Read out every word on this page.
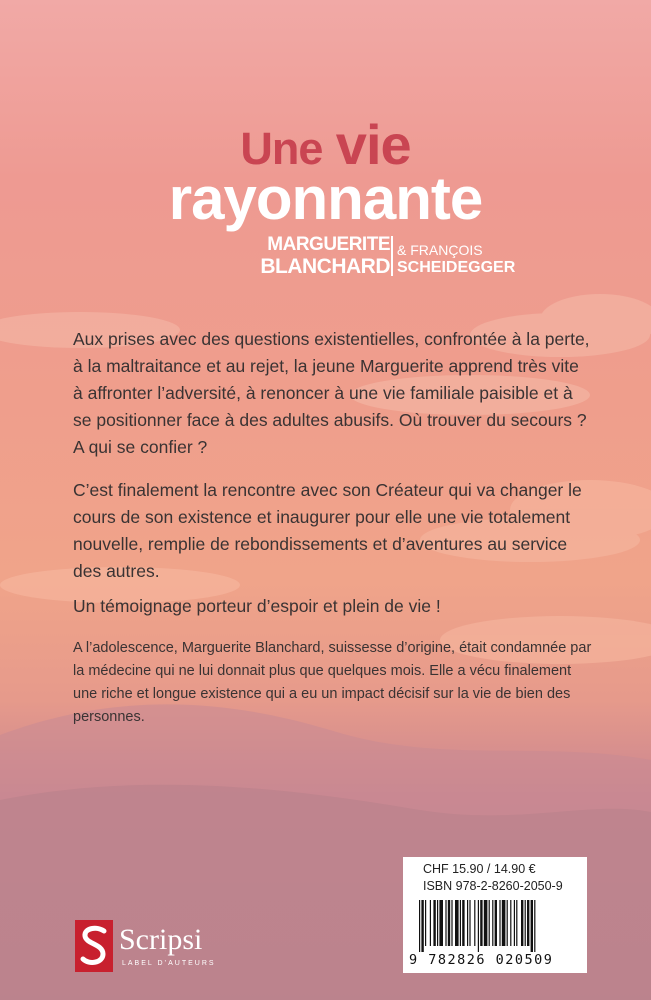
Une vie
rayonnante
MARGUERITE
BLANCHARD
& FRANÇOIS
SCHEIDEGGER

Aux prises avec des questions existentielles, confrontée à la perte, à la maltraitance et au rejet, la jeune Marguerite apprend très vite à affronter l’adversité, à renoncer à une vie familiale paisible et à se positionner face à des adultes abusifs. Où trouver du secours ? A qui se confier ?

C’est finalement la rencontre avec son Créateur qui va changer le cours de son existence et inaugurer pour elle une vie totalement nouvelle, remplie de rebondissements et d’aventures au service des autres.

Un témoignage porteur d’espoir et plein de vie !

A l’adolescence, Marguerite Blanchard, suissesse d’origine, était condamnée par la médecine qui ne lui donnait plus que quelques mois. Elle a vécu finalement une riche et longue existence qui a eu un impact décisif sur la vie de bien des personnes.

CHF 15.90 / 14.90 €
ISBN 978-2-8260-2050-9
9 782826 020509
Scripsi
LABEL D’AUTEURS
